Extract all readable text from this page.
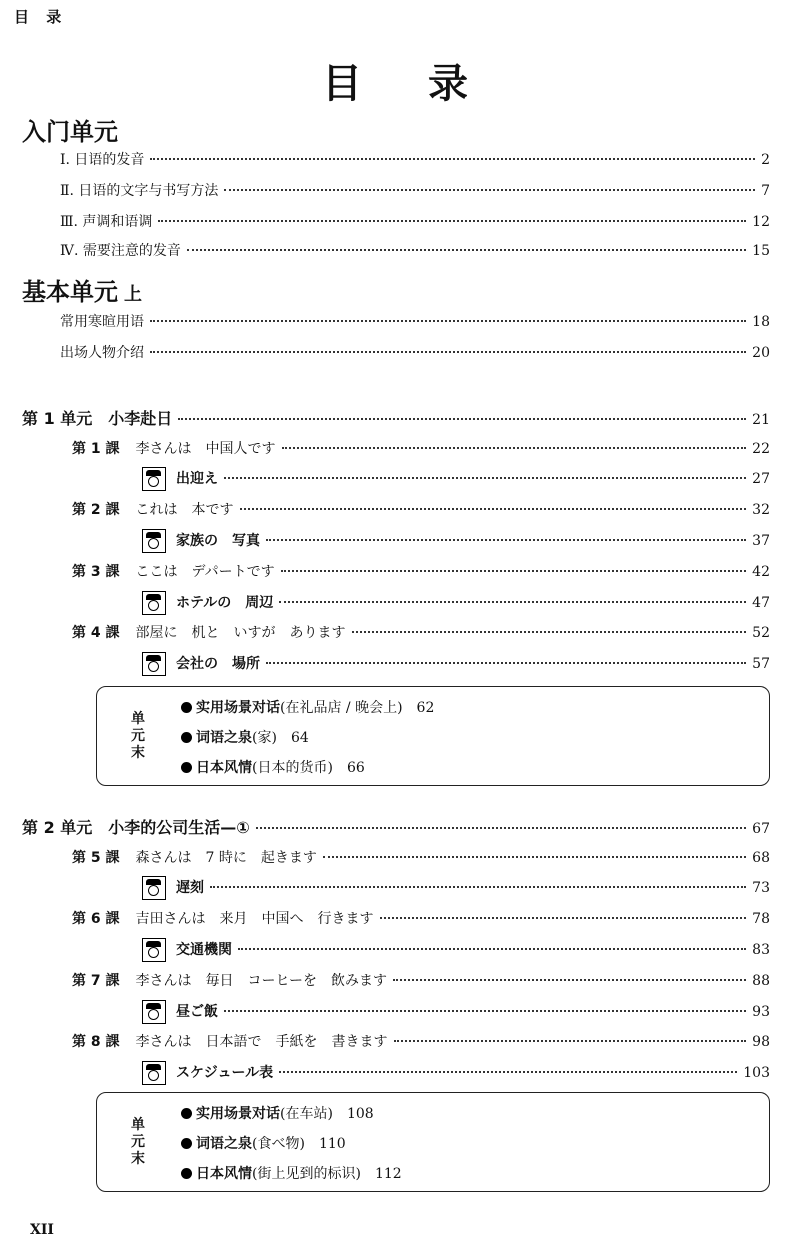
目 录
目 录
入门单元
Ⅰ. 日语的发音	2
Ⅱ. 日语的文字与书写方法	7
Ⅲ. 声调和语调	12
Ⅳ. 需要注意的发音	15
基本单元 上
常用寒暄用语	18
出场人物介绍	20
第 1 单元　小李赴日	21
第 1 課 李さんは　中国人です	22
出迎え	27
第 2 課 これは　本です	32
家族の　写真	37
第 3 課 ここは　デパートです	42
ホテルの　周辺	47
第 4 課 部屋に　机と　いすが　あります	52
会社の　場所	57
单
元
末
实用场景对话(在礼品店 / 晚会上) 62
词语之泉(家) 64
日本风情(日本的货币) 66
第 2 单元　小李的公司生活—①	67
第 5 課 森さんは　7 時に　起きます	68
遅刻	73
第 6 課 吉田さんは　来月　中国へ　行きます	78
交通機関	83
第 7 課 李さんは　毎日　コーヒーを　飲みます	88
昼ご飯	93
第 8 課 李さんは　日本語で　手紙を　書きます	98
スケジュール表	103
单
元
末
实用场景对话(在车站) 108
词语之泉(食べ物) 110
日本风情(街上见到的标识) 112
XII
